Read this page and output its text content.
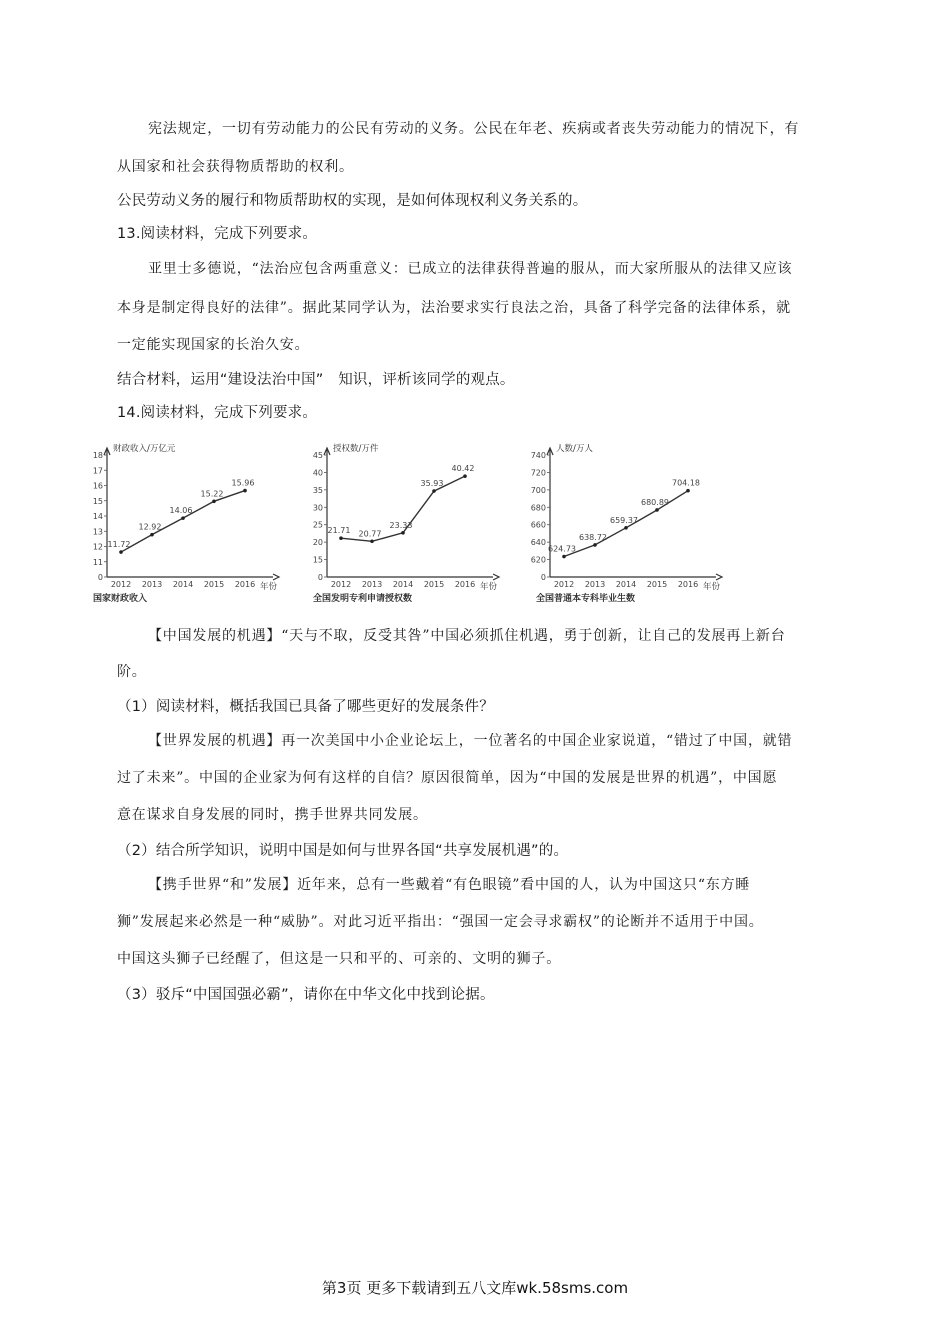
宪法规定，一切有劳动能力的公民有劳动的义务。公民在年老、疾病或者丧失劳动能力的情况下，有
从国家和社会获得物质帮助的权利。
公民劳动义务的履行和物质帮助权的实现，是如何体现权利义务关系的。
13.阅读材料，完成下列要求。
亚里士多德说，“法治应包含两重意义：已成立的法律获得普遍的服从，而大家所服从的法律又应该
本身是制定得良好的法律”。据此某同学认为，法治要求实行良法之治，具备了科学完备的法律体系，就
一定能实现国家的长治久安。
结合材料，运用“建设法治中国”　知识，评析该同学的观点。
14.阅读材料，完成下列要求。
0
11
12
13
14
15
16
17
18
2012 2013 2014 2015 2016
财政收入/万亿元
年份
11.72
12.92
14.06
15.22
15.96
国家财政收入
0
15
20
25
30
35
40
45
2012 2013 2014 2015 2016
授权数/万件
年份
21.71 20.77
23.33
35.93
40.42
全国发明专利申请授权数
0
620
640
660
680
700
720
740
2012 2013 2014 2015 2016
人数/万人
年份
624.73
638.72
659.37
680.89
704.18
全国普通本专科毕业生数
【中国发展的机遇】“天与不取，反受其咎”中国必须抓住机遇，勇于创新，让自己的发展再上新台
阶。
（1）阅读材料，概括我国已具备了哪些更好的发展条件？
【世界发展的机遇】再一次美国中小企业论坛上，一位著名的中国企业家说道，“错过了中国，就错
过了未来”。中国的企业家为何有这样的自信？原因很简单，因为“中国的发展是世界的机遇”，中国愿
意在谋求自身发展的同时，携手世界共同发展。
（2）结合所学知识，说明中国是如何与世界各国“共享发展机遇”的。
【携手世界“和”发展】近年来，总有一些戴着“有色眼镜”看中国的人，认为中国这只“东方睡
狮”发展起来必然是一种“威胁”。对此习近平指出：“强国一定会寻求霸权”的论断并不适用于中国。
中国这头狮子已经醒了，但这是一只和平的、可亲的、文明的狮子。
（3）驳斥“中国国强必霸”，请你在中华文化中找到论据。
第3页 更多下载请到五八文库wk.58sms.com
